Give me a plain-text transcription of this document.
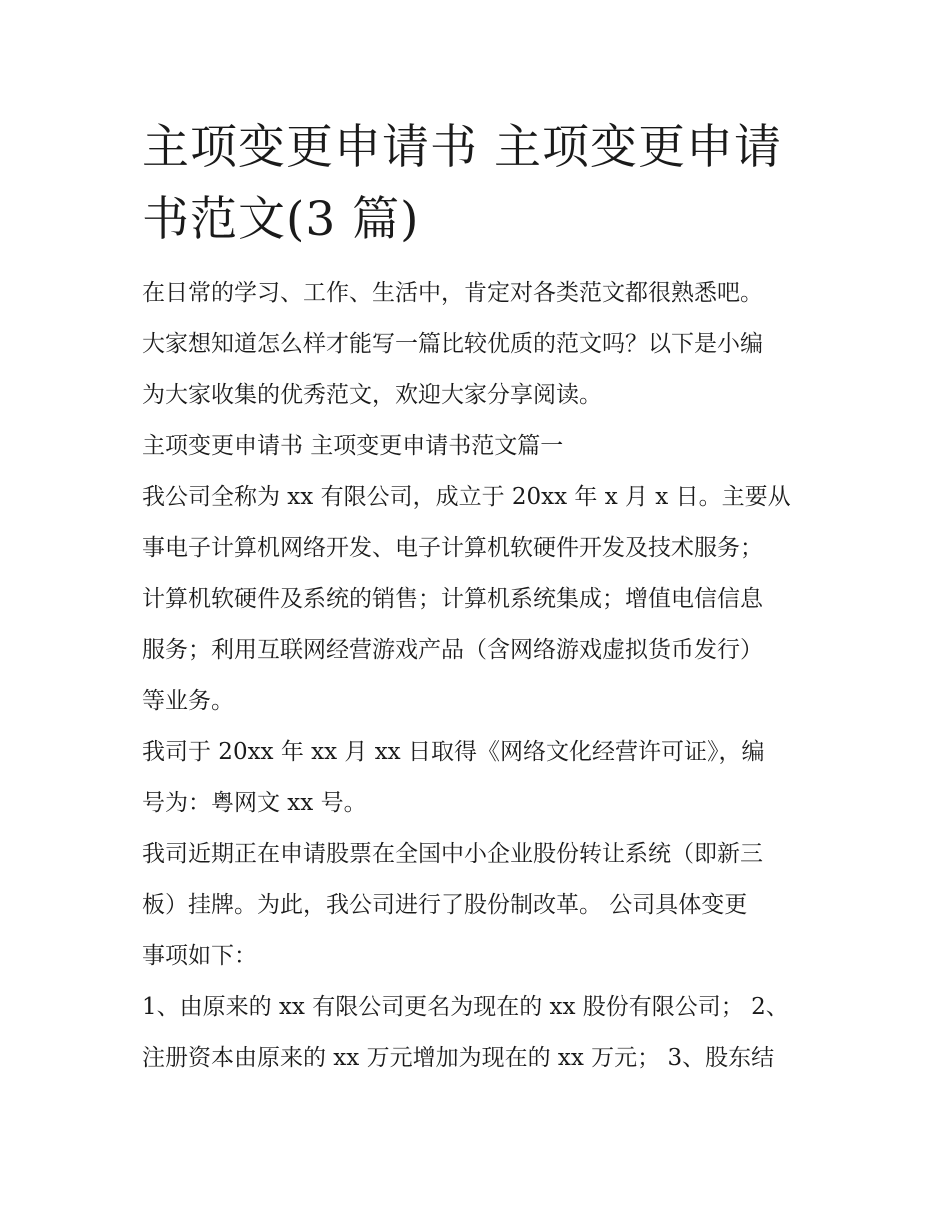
主项变更申请书 主项变更申请
书范文(3 篇)

在日常的学习、工作、生活中，肯定对各类范文都很熟悉吧。

大家想知道怎么样才能写一篇比较优质的范文吗？以下是小编

为大家收集的优秀范文，欢迎大家分享阅读。

主项变更申请书 主项变更申请书范文篇一

我公司全称为 xx 有限公司，成立于 20xx 年 x 月 x 日。主要从

事电子计算机网络开发、电子计算机软硬件开发及技术服务；

计算机软硬件及系统的销售；计算机系统集成；增值电信信息

服务；利用互联网经营游戏产品（含网络游戏虚拟货币发行）

等业务。

我司于 20xx 年 xx 月 xx 日取得《网络文化经营许可证》，编

号为：粤网文 xx 号。

我司近期正在申请股票在全国中小企业股份转让系统（即新三

板）挂牌。为此，我公司进行了股份制改革。 公司具体变更

事项如下：

1、由原来的 xx 有限公司更名为现在的 xx 股份有限公司； 2、

注册资本由原来的 xx 万元增加为现在的 xx 万元； 3、股东结
